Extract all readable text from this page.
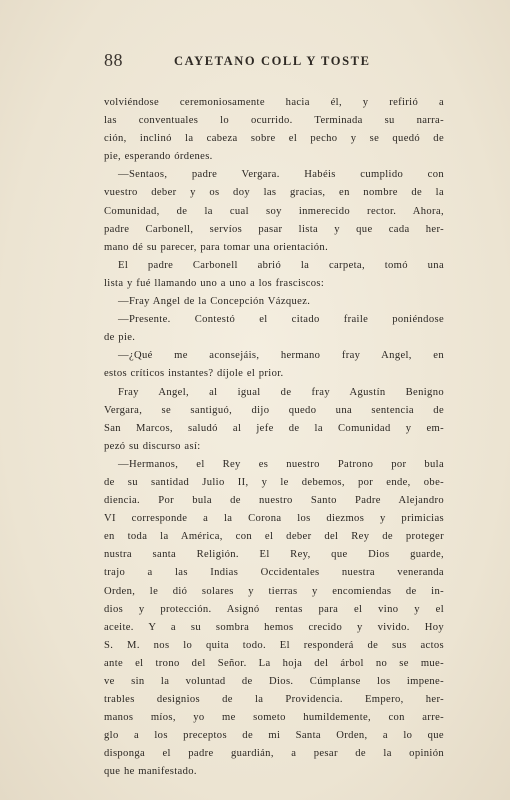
88	CAYETANO COLL Y TOSTE
volviéndose ceremoniosamente hacia él, y refirió a
las conventuales lo ocurrido. Terminada su narra-
ción, inclinó la cabeza sobre el pecho y se quedó de
pie, esperando órdenes.
—Sentaos, padre Vergara. Habéis cumplido con
vuestro deber y os doy las gracias, en nombre de la
Comunidad, de la cual soy inmerecido rector. Ahora,
padre Carbonell, servíos pasar lista y que cada her-
mano dé su parecer, para tomar una orientación.
El padre Carbonell abrió la carpeta, tomó una
lista y fué llamando uno a uno a los frasciscos:
—Fray Angel de la Concepción Vázquez.
—Presente. Contestó el citado fraile poniéndose
de pie.
—¿Qué me aconsejáis, hermano fray Angel, en
estos críticos instantes? díjole el prior.
Fray Angel, al igual de fray Agustín Benigno
Vergara, se santiguó, dijo quedo una sentencia de
San Marcos, saludó al jefe de la Comunidad y em-
pezó su discurso así:
—Hermanos, el Rey es nuestro Patrono por bula
de su santidad Julio II, y le debemos, por ende, obe-
diencia. Por bula de nuestro Santo Padre Alejandro
VI corresponde a la Corona los diezmos y primicias
en toda la América, con el deber del Rey de proteger
nustra santa Religión. El Rey, que Dios guarde,
trajo a las Indias Occidentales nuestra veneranda
Orden, le dió solares y tierras y encomiendas de in-
dios y protección. Asignó rentas para el vino y el
aceite. Y a su sombra hemos crecido y vivido. Hoy
S. M. nos lo quita todo. El responderá de sus actos
ante el trono del Señor. La hoja del árbol no se mue-
ve sin la voluntad de Dios. Cúmplanse los impene-
trables designios de la Providencia. Empero, her-
manos míos, yo me someto humildemente, con arre-
glo a los preceptos de mi Santa Orden, a lo que
disponga el padre guardián, a pesar de la opinión
que he manifestado.
